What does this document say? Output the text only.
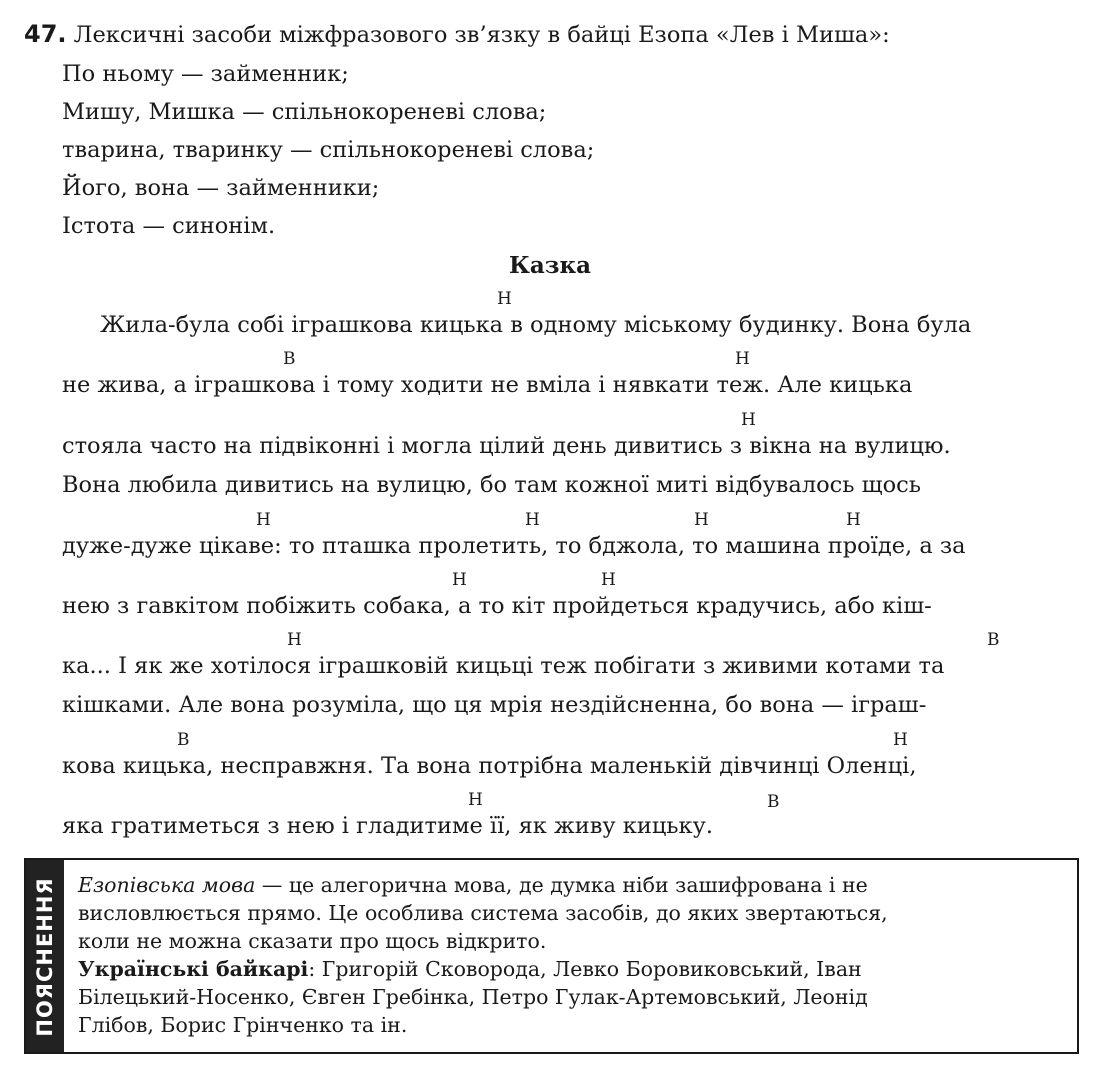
47. Лексичні засоби міжфразового зв’язку в байці Езопа «Лев і Миша»:
По ньому — займенник;
Мишу, Мишка — спільнокореневі слова;
тварина, тваринку — спільнокореневі слова;
Його, вона — займенники;
Істота — синонім.
Казка
Н
Жила-була собі іграшкова кицька в одному міському будинку. Вона була
В	Н
не жива, а іграшкова і тому ходити не вміла і нявкати теж. Але кицька
Н
стояла часто на підвіконні і могла цілий день дивитись з вікна на вулицю.
Вона любила дивитись на вулицю, бо там кожної миті відбувалось щось
Н	Н	Н	Н
дуже-дуже цікаве: то пташка пролетить, то бджола, то машина проїде, а за
Н	Н
нею з гавкітом побіжить собака, а то кіт пройдеться крадучись, або кіш-
Н	В
ка... І як же хотілося іграшковій кицьці теж побігати з живими котами та
кішками. Але вона розуміла, що ця мрія нездійсненна, бо вона — іграш-
В	Н
кова кицька, несправжня. Та вона потрібна маленькій дівчинці Оленці,
Н	В
яка гратиметься з нею і гладитиме її, як живу кицьку.
ПОЯСНЕННЯ Езопівська мова — це алегорична мова, де думка ніби зашифрована і не
висловлюється прямо. Це особлива система засобів, до яких звертаються,
коли не можна сказати про щось відкрито.
Українські байкарі: Григорій Сковорода, Левко Боровиковський, Іван
Білецький-Носенко, Євген Гребінка, Петро Гулак-Артемовський, Леонід
Глібов, Борис Грінченко та ін.
